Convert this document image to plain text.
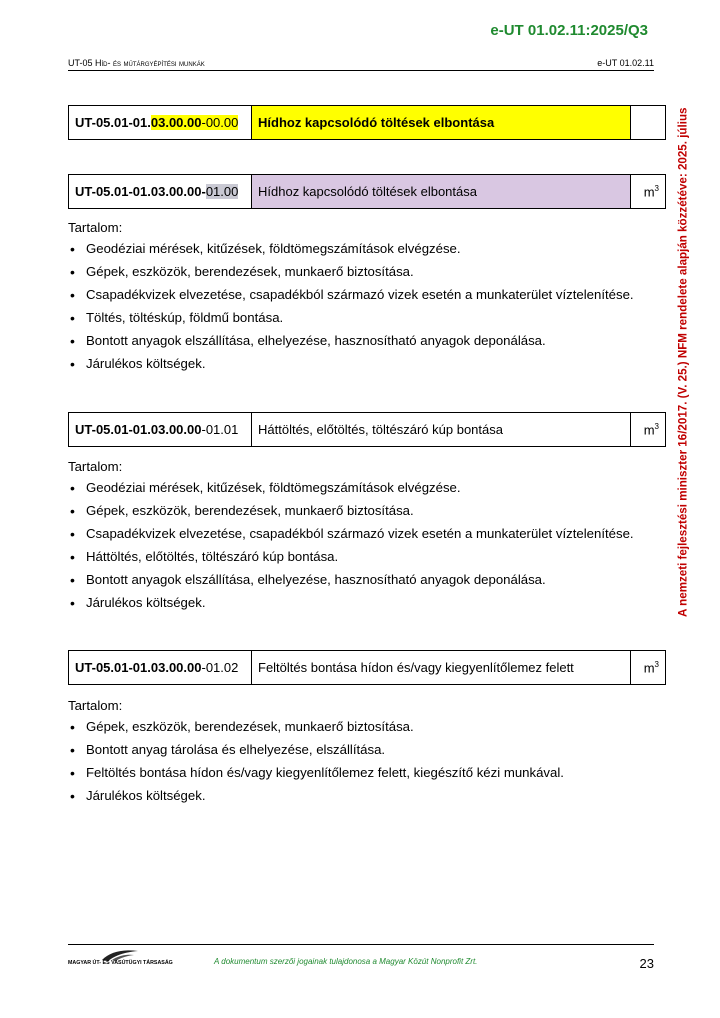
e-UT 01.02.11:2025/Q3
UT-05 Híd- és műtárgyépítési munkák	e-UT 01.02.11
A nemzeti fejlesztési miniszter 16/2017. (V. 25.) NFM rendelete alapján közzétéve: 2025. július
UT-05.01-01.03.00.00-00.00	Hídhoz kapcsolódó töltések elbontása	
UT-05.01-01.03.00.00-01.00	Hídhoz kapcsolódó töltések elbontása	$m^3$
Tartalom:
• Geodéziai mérések, kitűzések, földtömegszámítások elvégzése.
• Gépek, eszközök, berendezések, munkaerő biztosítása.
• Csapadékvizek elvezetése, csapadékból származó vizek esetén a munkaterület víztelenítése.
• Töltés, töltéskúp, földmű bontása.
• Bontott anyagok elszállítása, elhelyezése, hasznosítható anyagok deponálása.
• Járulékos költségek.
UT-05.01-01.03.00.00-01.01	Háttöltés, előtöltés, töltészáró kúp bontása	$m^3$
Tartalom:
• Geodéziai mérések, kitűzések, földtömegszámítások elvégzése.
• Gépek, eszközök, berendezések, munkaerő biztosítása.
• Csapadékvizek elvezetése, csapadékból származó vizek esetén a munkaterület víztelenítése.
• Háttöltés, előtöltés, töltészáró kúp bontása.
• Bontott anyagok elszállítása, elhelyezése, hasznosítható anyagok deponálása.
• Járulékos költségek.
UT-05.01-01.03.00.00-01.02	Feltöltés bontása hídon és/vagy kiegyenlítőlemez felett	$m^3$
Tartalom:
• Gépek, eszközök, berendezések, munkaerő biztosítása.
• Bontott anyag tárolása és elhelyezése, elszállítása.
• Feltöltés bontása hídon és/vagy kiegyenlítőlemez felett, kiegészítő kézi munkával.
• Járulékos költségek.
MAGYAR ÚT- ÉS VASÚTÜGYI TÁRSASÁG	A dokumentum szerzői jogainak tulajdonosa a Magyar Közút Nonprofit Zrt.	23
